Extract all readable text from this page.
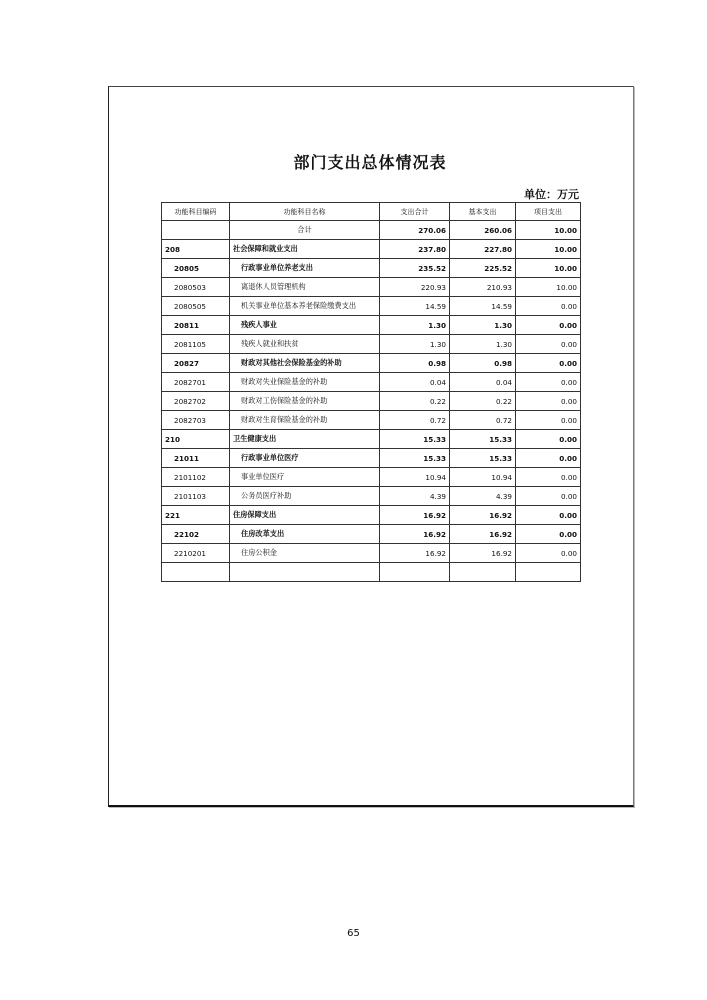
部门支出总体情况表
单位：万元
功能科目编码	功能科目名称	支出合计	基本支出	项目支出
	合计	270.06	260.06	10.00
208	社会保障和就业支出	237.80	227.80	10.00
20805	行政事业单位养老支出	235.52	225.52	10.00
2080503	离退休人员管理机构	220.93	210.93	10.00
2080505	机关事业单位基本养老保险缴费支出	14.59	14.59	0.00
20811	残疾人事业	1.30	1.30	0.00
2081105	残疾人就业和扶贫	1.30	1.30	0.00
20827	财政对其他社会保险基金的补助	0.98	0.98	0.00
2082701	财政对失业保险基金的补助	0.04	0.04	0.00
2082702	财政对工伤保险基金的补助	0.22	0.22	0.00
2082703	财政对生育保险基金的补助	0.72	0.72	0.00
210	卫生健康支出	15.33	15.33	0.00
21011	行政事业单位医疗	15.33	15.33	0.00
2101102	事业单位医疗	10.94	10.94	0.00
2101103	公务员医疗补助	4.39	4.39	0.00
221	住房保障支出	16.92	16.92	0.00
22102	住房改革支出	16.92	16.92	0.00
2210201	住房公积金	16.92	16.92	0.00

65
